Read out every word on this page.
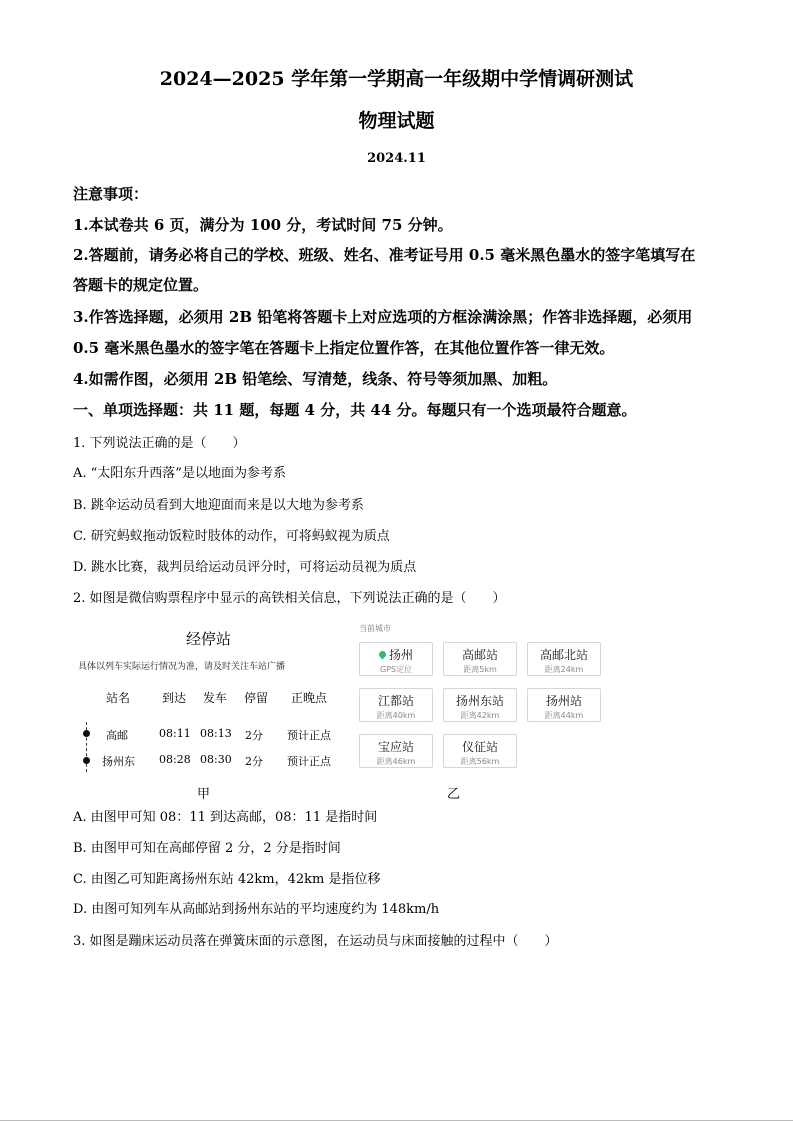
2024—2025 学年第一学期高一年级期中学情调研测试
物理试题
2024.11
注意事项：
1.本试卷共 6 页，满分为 100 分，考试时间 75 分钟。
2.答题前，请务必将自己的学校、班级、姓名、准考证号用 0.5 毫米黑色墨水的签字笔填写在
答题卡的规定位置。
3.作答选择题，必须用 2B 铅笔将答题卡上对应选项的方框涂满涂黑；作答非选择题，必须用
0.5 毫米黑色墨水的签字笔在答题卡上指定位置作答，在其他位置作答一律无效。
4.如需作图，必须用 2B 铅笔绘、写清楚，线条、符号等须加黑、加粗。
一、单项选择题：共 11 题，每题 4 分，共 44 分。每题只有一个选项最符合题意。
1. 下列说法正确的是（　　）
A. “太阳东升西落”是以地面为参考系
B. 跳伞运动员看到大地迎面而来是以大地为参考系
C. 研究蚂蚁拖动饭粒时肢体的动作，可将蚂蚁视为质点
D. 跳水比赛，裁判员给运动员评分时，可将运动员视为质点
2. 如图是微信购票程序中显示的高铁相关信息，下列说法正确的是（　　）
经停站
具体以列车实际运行情况为准，请及时关注车站广播
站名	到达 发车 停留 正晚点
高邮	08:11 08:13 2分 预计正点
扬州东 08:28 08:30 2分 预计正点
当前城市
扬州
GPS定位
高邮站
距离5km
高邮北站
距离24km
江都站
距离40km
扬州东站
距离42km
扬州站
距离44km
宝应站
距离46km
仪征站
距离56km
甲	乙
A. 由图甲可知 08：11 到达高邮，08：11 是指时间
B. 由图甲可知在高邮停留 2 分，2 分是指时间
C. 由图乙可知距离扬州东站 42km，42km 是指位移
D. 由图可知列车从高邮站到扬州东站的平均速度约为 148km/h
3. 如图是蹦床运动员落在弹簧床面的示意图，在运动员与床面接触的过程中（　　）
